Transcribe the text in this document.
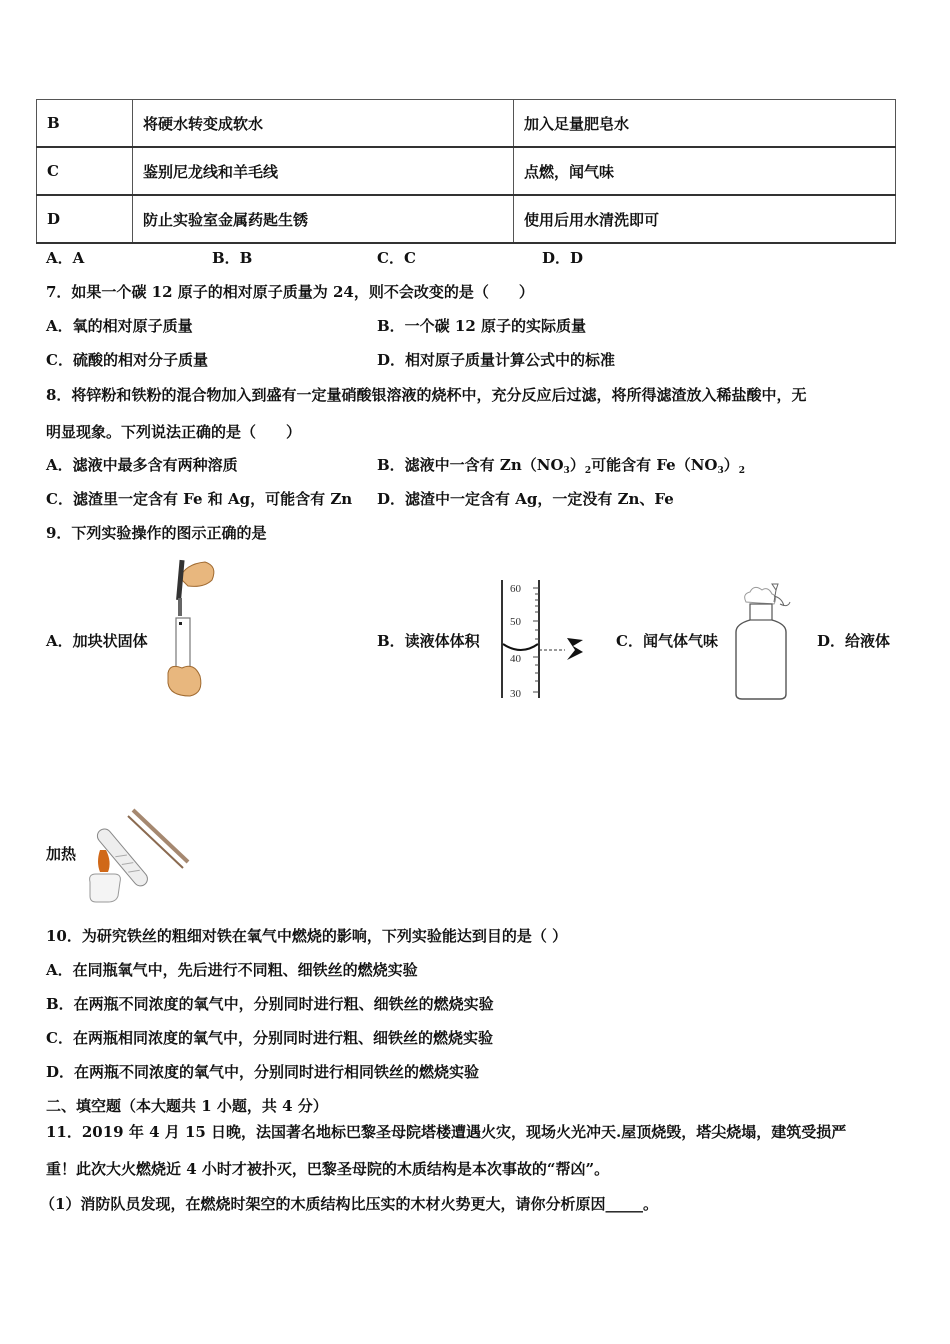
B	将硬水转变成软水	加入足量肥皂水
C	鉴别尼龙线和羊毛线	点燃，闻气味
D	防止实验室金属药匙生锈	使用后用水清洗即可
A．A	B．B	C．C	D．D
7．如果一个碳 12 原子的相对原子质量为 24，则不会改变的是（　　）
A．氧的相对原子质量	B．一个碳 12 原子的实际质量
C．硫酸的相对分子质量	D．相对原子质量计算公式中的标准
8．将锌粉和铁粉的混合物加入到盛有一定量硝酸银溶液的烧杯中，充分反应后过滤，将所得滤渣放入稀盐酸中，无
明显现象。下列说法正确的是（　　）
A．滤液中最多含有两种溶质	B．滤液中一含有 $Zn(NO_3)_2$可能含有 $Fe(NO_3)_2$
C．滤渣里一定含有 Fe 和 Ag，可能含有 Zn D．滤渣中一定含有 Ag，一定没有 Zn、Fe
9．下列实验操作的图示正确的是
A．加块状固体	B．读液体体积	C．闻气体气味	D．给液体
60
50
40
30
加热
10．为研究铁丝的粗细对铁在氧气中燃烧的影响，下列实验能达到目的是（ ）
A．在同瓶氧气中，先后进行不同粗、细铁丝的燃烧实验
B．在两瓶不同浓度的氧气中，分别同时进行粗、细铁丝的燃烧实验
C．在两瓶相同浓度的氧气中，分别同时进行粗、细铁丝的燃烧实验
D．在两瓶不同浓度的氧气中，分别同时进行相同铁丝的燃烧实验
二、填空题（本大题共 1 小题，共 4 分）
11．2019 年 4 月 15 日晚，法国著名地标巴黎圣母院塔楼遭遇火灾，现场火光冲天.屋顶烧毁，塔尖烧塌，建筑受损严
重！此次大火燃烧近 4 小时才被扑灭，巴黎圣母院的木质结构是本次事故的“帮凶”。
（1）消防队员发现，在燃烧时架空的木质结构比压实的木材火势更大，请你分析原因_____。
